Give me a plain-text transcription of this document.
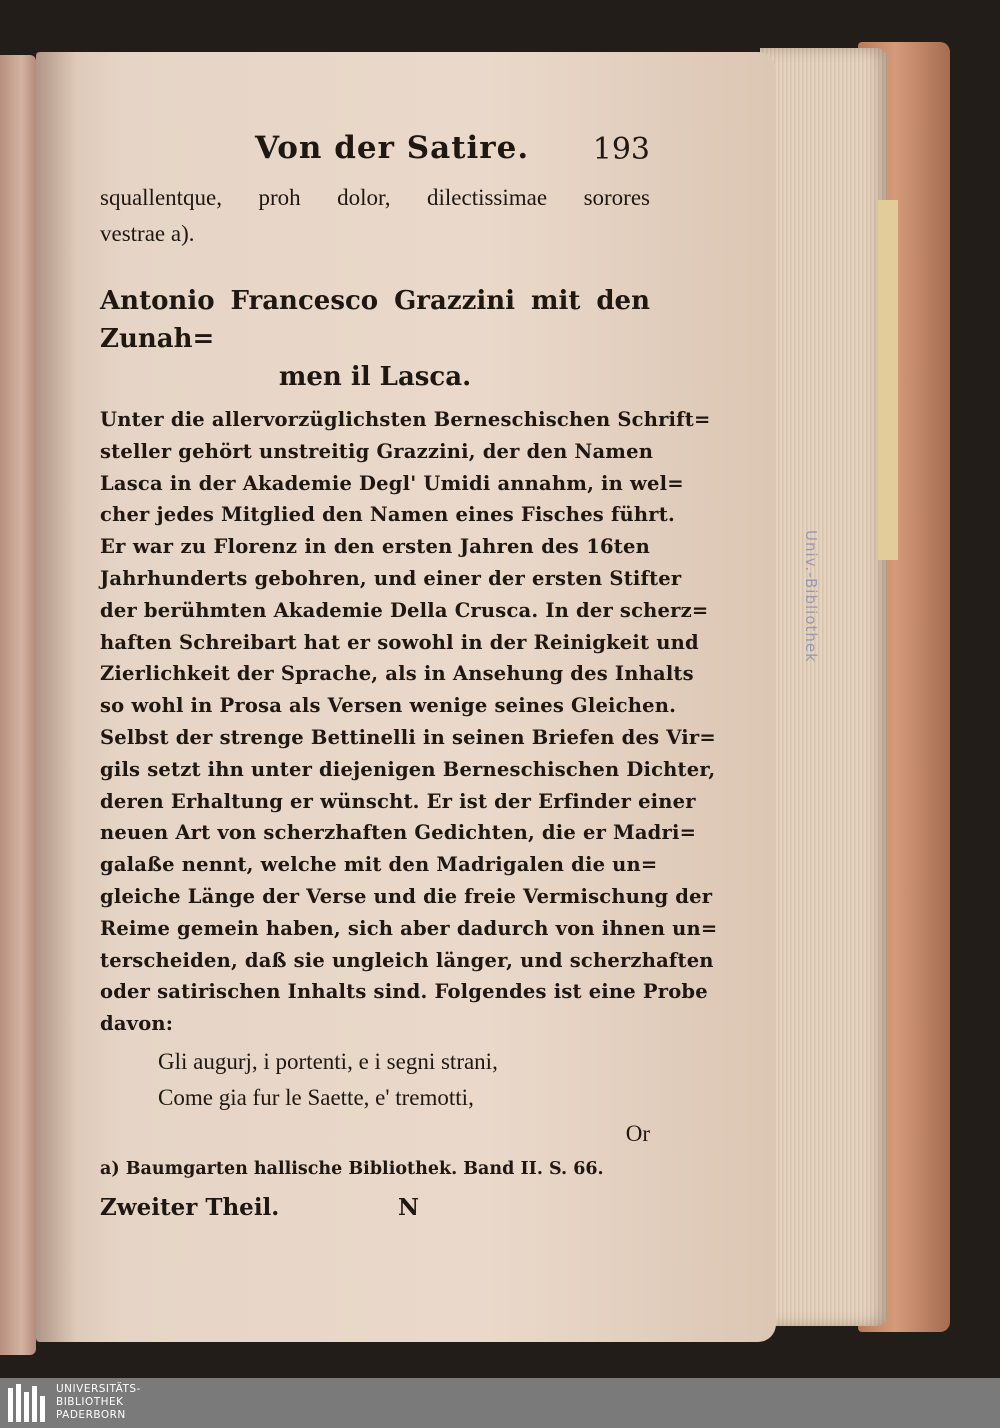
Univ.-Bibliothek
Von der Satire. 193
squallentque, proh dolor, dilectissimae sorores
vestrae a).
Antonio Francesco Grazzini mit den Zunah=
men il Lasca.
Unter die allervorzüglichsten Berneschischen Schrift=
steller gehört unstreitig Grazzini, der den Namen
Lasca in der Akademie Degl' Umidi annahm, in wel=
cher jedes Mitglied den Namen eines Fisches führt.
Er war zu Florenz in den ersten Jahren des 16ten
Jahrhunderts gebohren, und einer der ersten Stifter
der berühmten Akademie Della Crusca. In der scherz=
haften Schreibart hat er sowohl in der Reinigkeit und
Zierlichkeit der Sprache, als in Ansehung des Inhalts
so wohl in Prosa als Versen wenige seines Gleichen.
Selbst der strenge Bettinelli in seinen Briefen des Vir=
gils setzt ihn unter diejenigen Berneschischen Dichter,
deren Erhaltung er wünscht. Er ist der Erfinder einer
neuen Art von scherzhaften Gedichten, die er Madri=
galaße nennt, welche mit den Madrigalen die un=
gleiche Länge der Verse und die freie Vermischung der
Reime gemein haben, sich aber dadurch von ihnen un=
terscheiden, daß sie ungleich länger, und scherzhaften
oder satirischen Inhalts sind. Folgendes ist eine Probe
davon:
Gli augurj, i portenti, e i segni strani,
Come gia fur le Saette, e' tremotti,
Or
a) Baumgarten hallische Bibliothek. Band II. S. 66.
Zweiter Theil.	N
UNIVERSITÄTS-
BIBLIOTHEK
PADERBORN
